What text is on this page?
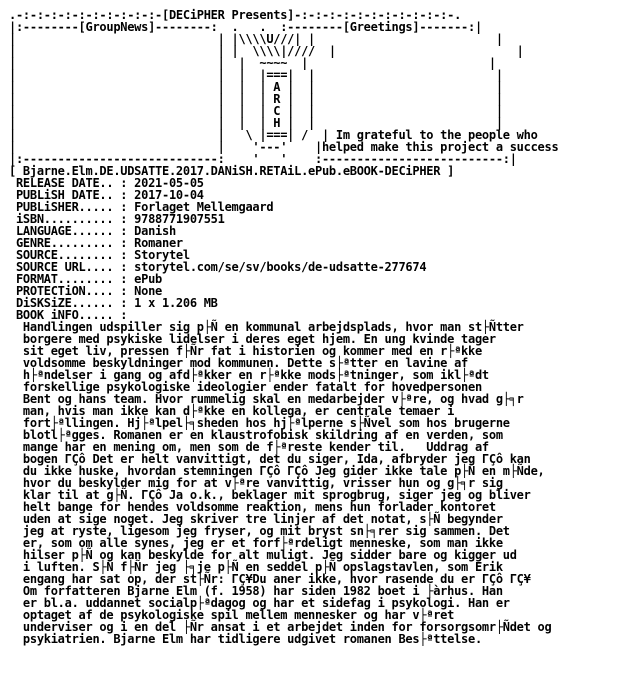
.-:-:-:-:-:-:-:-:-:-:-[DECiPHER Presents]-:-:-:-:-:-:-:-:-:-:-:-.
|:--------[GroupNews]--------:  .   .  :--------[Greetings]-------:|
|                             | |\\\\U///| |                          |
|                             | |  \\\\|////  |                          |
|                             |  |  ~~~~  |                          |
|                             |  |  |===|  |                          |
|                             |  |  | A |  |                          |
|                             |  |  | R |  |                          |
|                             |  |  | C |  |                          |
|                             |  |  | H |  |                          |
|                             |   \ |===| /  | Im grateful to the people who
|                             |    '---'    |helped make this project a success
|:----------------------------:    '   '    :--------------------------:|
[ Bjarne.Elm.DE.UDSATTE.2017.DANiSH.RETAiL.ePub.eBOOK-DECiPHER ]
RELEASE DATE.. : 2021-05-05
PUBLiSH DATE.. : 2017-10-04
PUBLiSHER..... : Forlaget Mellemgaard
iSBN.......... : 9788771907551
LANGUAGE...... : Danish
GENRE......... : Romaner
SOURCE........ : Storytel
SOURCE URL.... : storytel.com/se/sv/books/de-udsatte-277674
FORMAT........ : ePub
PROTECTiON.... : None
DiSKSiZE...... : 1 x 1.206 MB
BOOK iNFO..... :
Handlingen udspiller sig p├Ñ en kommunal arbejdsplads, hvor man st├Ñtter
borgere med psykiske lidelser i deres eget hjem. En ung kvinde tager
sit eget liv, pressen f├Ñr fat i historien og kommer med en r├ªkke
voldsomme beskyldninger mod kommunen. Dette s├ªtter en lavine af
h├ªndelser i gang og afd├ªkker en r├ªkke mods├ªtninger, som ikl├ªdt
forskellige psykologiske ideologier ender fatalt for hovedpersonen
Bent og hans team. Hvor rummelig skal en medarbejder v├ªre, og hvad g├╕r
man, hvis man ikke kan d├ªkke en kollega, er centrale temaer i
fort├ªllingen. Hj├ªlpel├╕sheden hos hj├ªlperne s├Ñvel som hos brugerne
blotl├ªgges. Romanen er en klaustrofobisk skildring af en verden, som
mange har en mening om, men som de f├ªreste kender til.   Uddrag af
bogen ΓÇô Det er helt vanvittigt, det du siger, Ida, afbryder jeg ΓÇô kan
du ikke huske, hvordan stemningen ΓÇô ΓÇô Jeg gider ikke tale p├Ñ en m├Ñde,
hvor du beskylder mig for at v├ªre vanvittig, vrisser hun og g├╕r sig
klar til at g├Ñ. ΓÇô Ja o.k., beklager mit sprogbrug, siger jeg og bliver
helt bange for hendes voldsomme reaktion, mens hun forlader kontoret
uden at sige noget. Jeg skriver tre linjer af det notat, s├Ñ begynder
jeg at ryste, ligesom jeg fryser, og mit bryst sn├╕rer sig sammen. Det
er, som om alle synes, jeg er et forf├ªrdeligt menneske, som man ikke
hilser p├Ñ og kan beskylde for alt muligt. Jeg sidder bare og kigger ud
i luften. S├Ñ f├Ñr jeg ├╕je p├Ñ en seddel p├Ñ opslagstavlen, som Erik
engang har sat op, der st├Ñr: ΓÇ¥Du aner ikke, hvor rasende du er ΓÇô ΓÇ¥
Om forfatteren Bjarne Elm (f. 1958) har siden 1982 boet i ├àrhus. Han
er bl.a. uddannet socialp├ªdagog og har et sidefag i psykologi. Han er
optaget af de psykologiske spil mellem mennesker og har v├ªret
underviser og i en del ├Ñr ansat i et arbejdet inden for forsorgsomr├Ñdet og
psykiatrien. Bjarne Elm har tidligere udgivet romanen Bes├ªttelse.
